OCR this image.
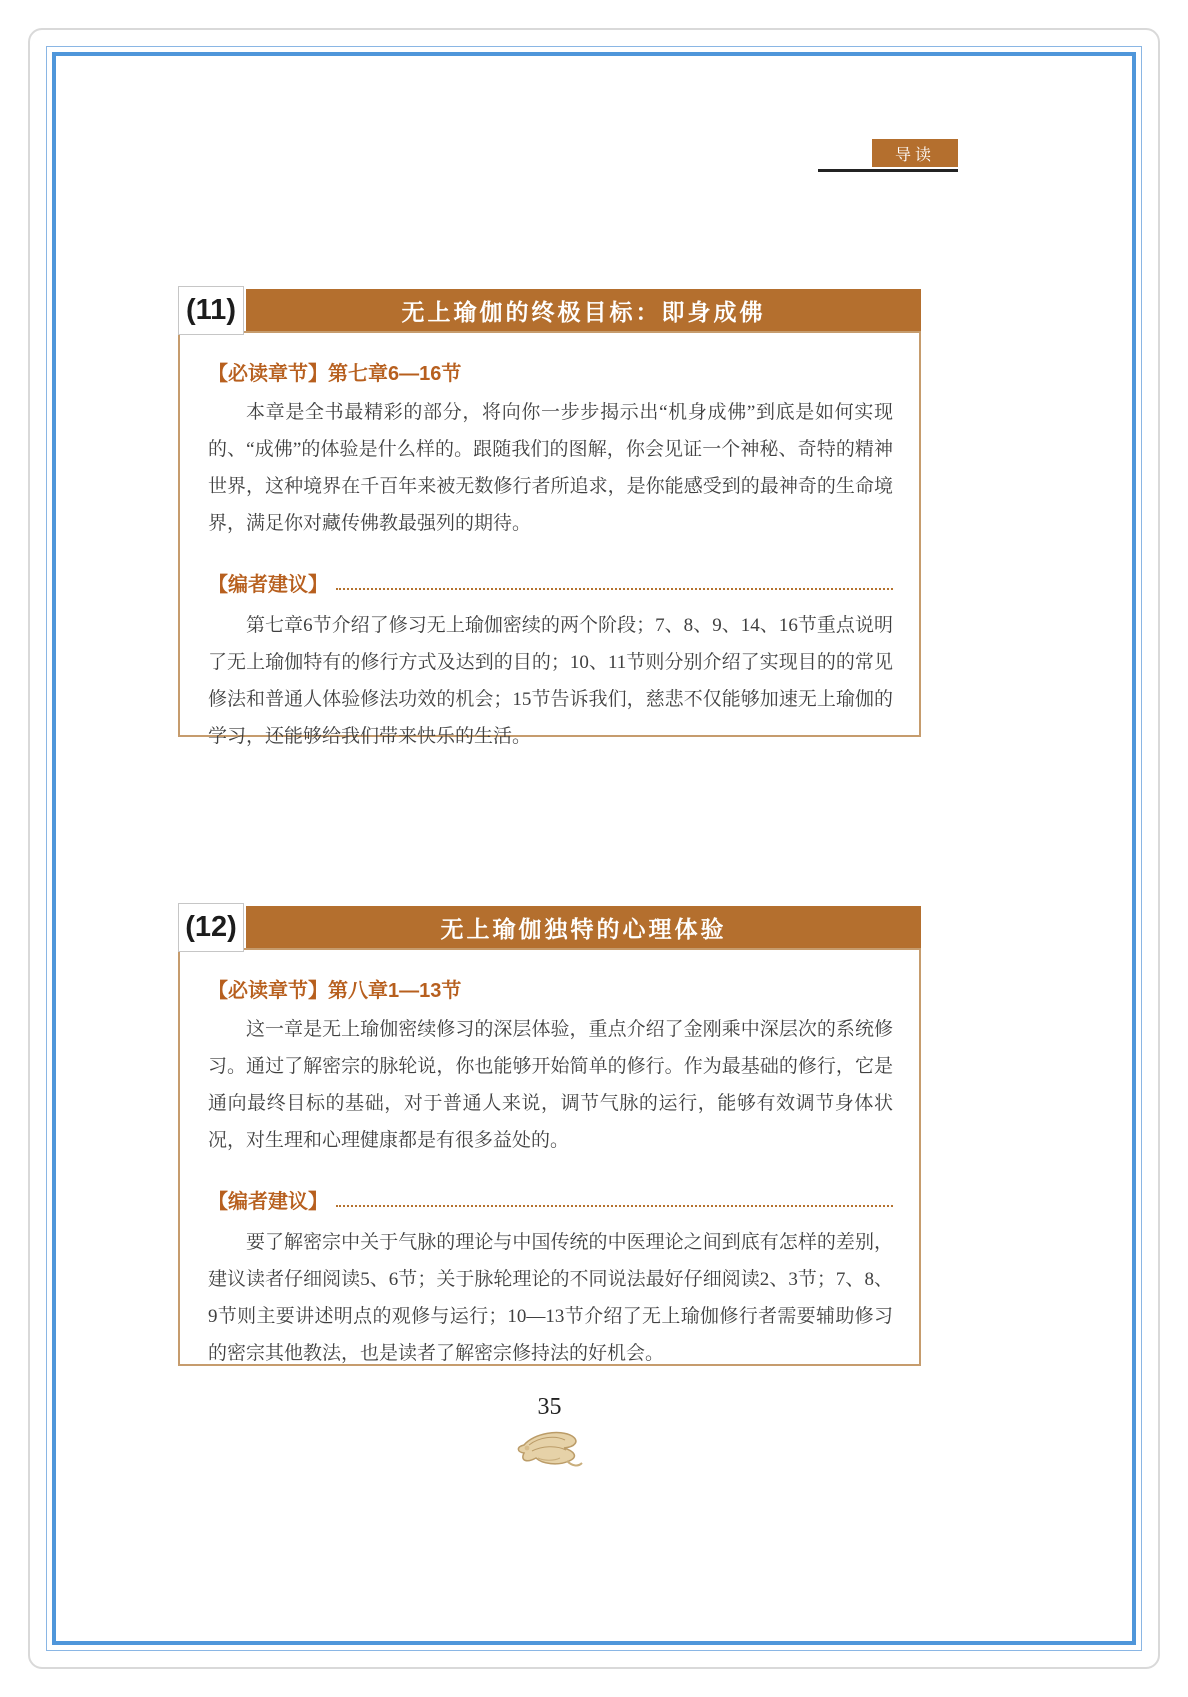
导读
(11)	无上瑜伽的终极目标：即身成佛

【必读章节】第七章6—16节

本章是全书最精彩的部分，将向你一步步揭示出“机身成佛”到底是如何实现的、“成佛”的体验是什么样的。跟随我们的图解，你会见证一个神秘、奇特的精神世界，这种境界在千百年来被无数修行者所追求，是你能感受到的最神奇的生命境界，满足你对藏传佛教最强列的期待。

【编者建议】

第七章6节介绍了修习无上瑜伽密续的两个阶段；7、8、9、14、16节重点说明了无上瑜伽特有的修行方式及达到的目的；10、11节则分别介绍了实现目的的常见修法和普通人体验修法功效的机会；15节告诉我们，慈悲不仅能够加速无上瑜伽的学习，还能够给我们带来快乐的生活。

(12)	无上瑜伽独特的心理体验

【必读章节】第八章1—13节

这一章是无上瑜伽密续修习的深层体验，重点介绍了金刚乘中深层次的系统修习。通过了解密宗的脉轮说，你也能够开始简单的修行。作为最基础的修行，它是通向最终目标的基础，对于普通人来说，调节气脉的运行，能够有效调节身体状况，对生理和心理健康都是有很多益处的。

【编者建议】

要了解密宗中关于气脉的理论与中国传统的中医理论之间到底有怎样的差别，建议读者仔细阅读5、6节；关于脉轮理论的不同说法最好仔细阅读2、3节；7、8、9节则主要讲述明点的观修与运行；10—13节介绍了无上瑜伽修行者需要辅助修习的密宗其他教法，也是读者了解密宗修持法的好机会。

35
